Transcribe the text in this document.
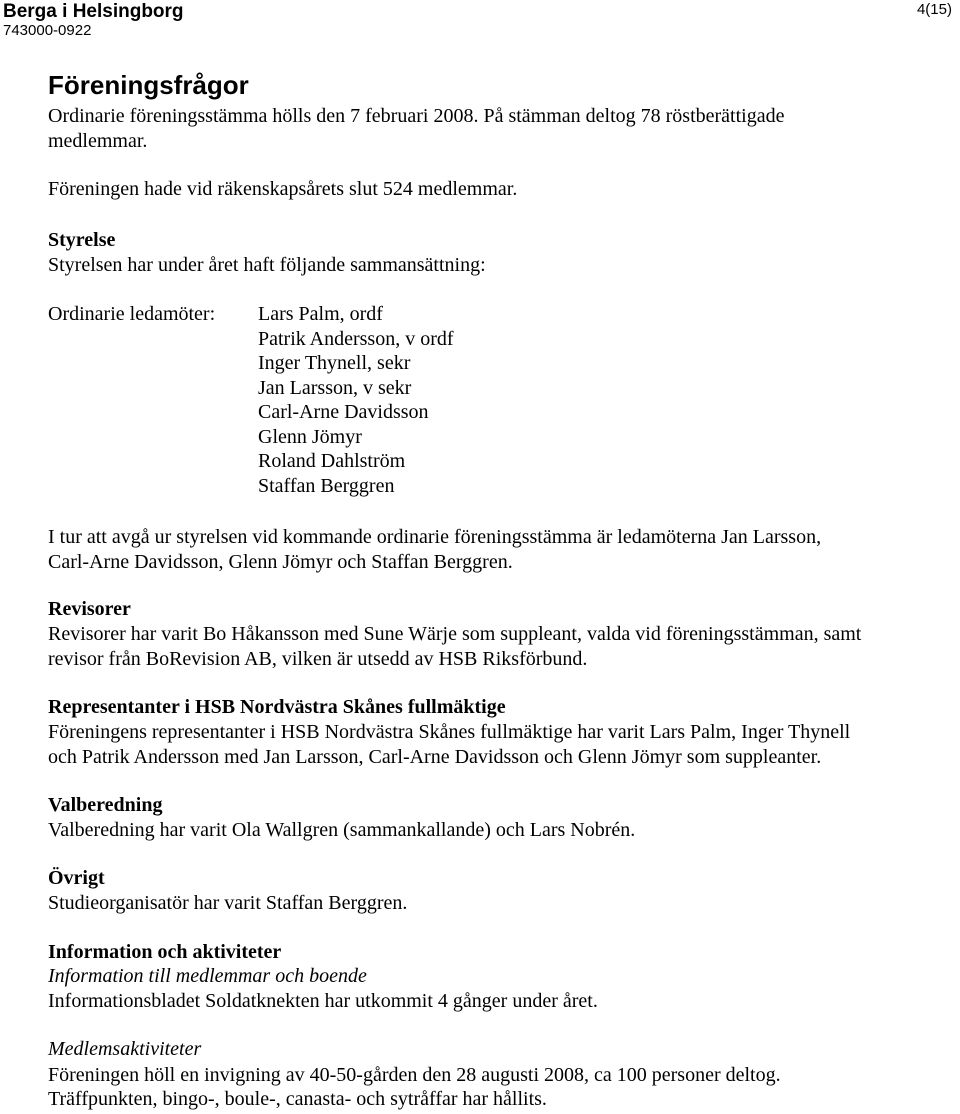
Berga i Helsingborg
743000-0922
4(15)
Föreningsfrågor
Ordinarie föreningsstämma hölls den 7 februari 2008. På stämman deltog 78 röstberättigade
medlemmar.
Föreningen hade vid räkenskapsårets slut 524 medlemmar.
Styrelse
Styrelsen har under året haft följande sammansättning:
Ordinarie ledamöter: Lars Palm, ordf
Patrik Andersson, v ordf
Inger Thynell, sekr
Jan Larsson, v sekr
Carl-Arne Davidsson
Glenn Jömyr
Roland Dahlström
Staffan Berggren
I tur att avgå ur styrelsen vid kommande ordinarie föreningsstämma är ledamöterna Jan Larsson,
Carl-Arne Davidsson, Glenn Jömyr och Staffan Berggren.
Revisorer
Revisorer har varit Bo Håkansson med Sune Wärje som suppleant, valda vid föreningsstämman, samt
revisor från BoRevision AB, vilken är utsedd av HSB Riksförbund.
Representanter i HSB Nordvästra Skånes fullmäktige
Föreningens representanter i HSB Nordvästra Skånes fullmäktige har varit Lars Palm, Inger Thynell
och Patrik Andersson med Jan Larsson, Carl-Arne Davidsson och Glenn Jömyr som suppleanter.
Valberedning
Valberedning har varit Ola Wallgren (sammankallande) och Lars Nobrén.
Övrigt
Studieorganisatör har varit Staffan Berggren.
Information och aktiviteter
Information till medlemmar och boende
Informationsbladet Soldatknekten har utkommit 4 gånger under året.
Medlemsaktiviteter
Föreningen höll en invigning av 40-50-gården den 28 augusti 2008, ca 100 personer deltog.
Träffpunkten, bingo-, boule-, canasta- och sytråffar har hållits.
